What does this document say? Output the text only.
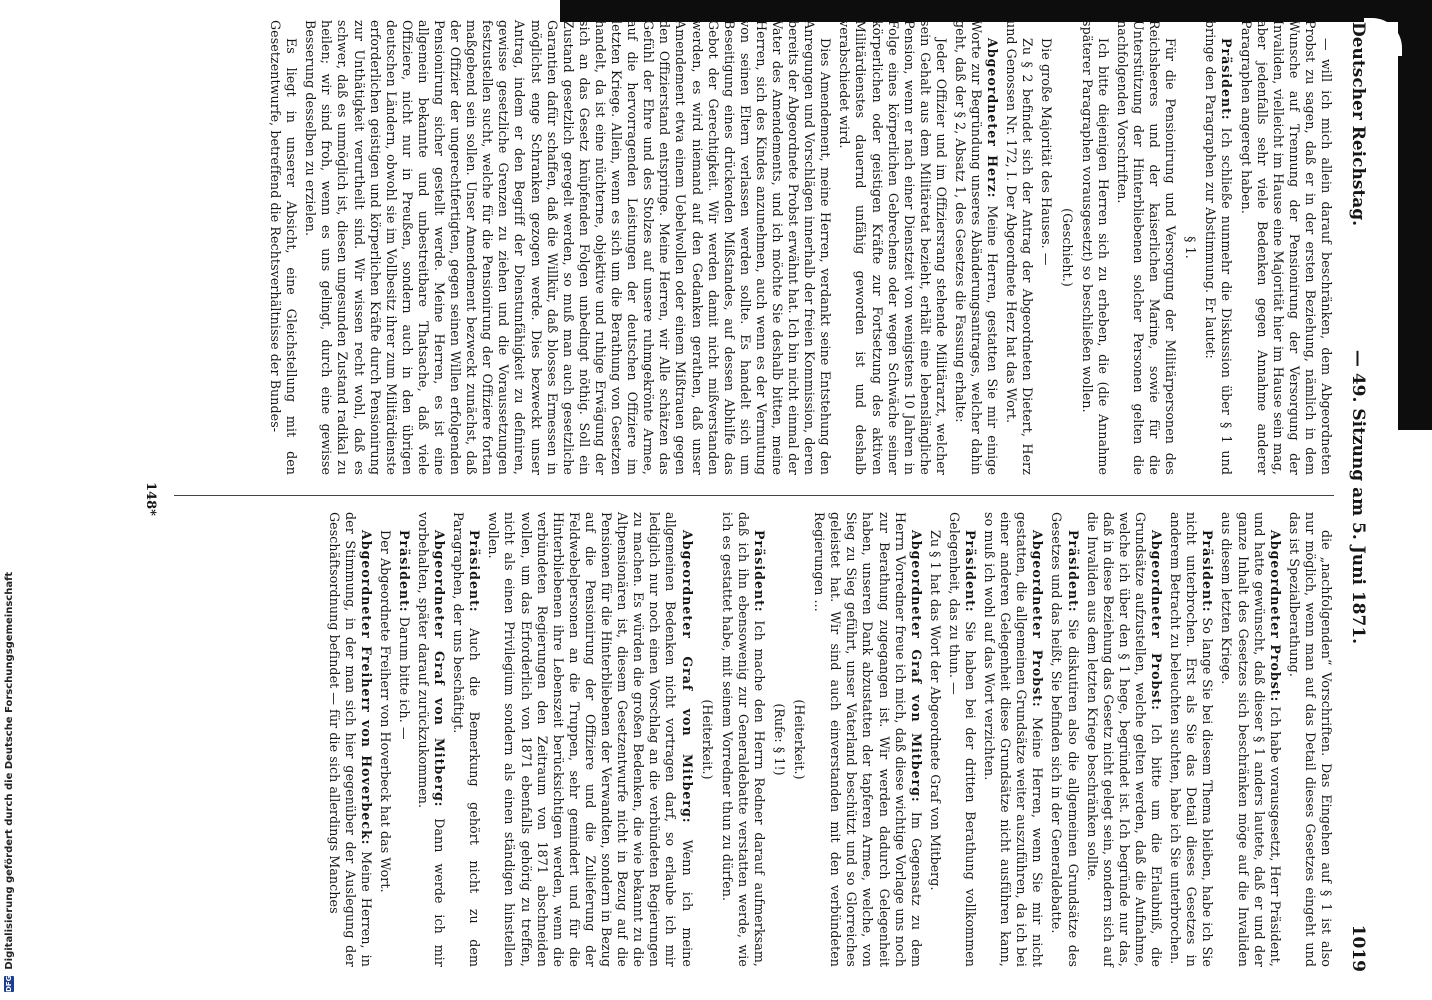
Deutscher Reichstag.
— 49. Sitzung am 5. Juni 1871.
1019

— will ich mich allein darauf beschränken, dem Abgeordneten Probst zu sagen, daß er in der ersten Beziehung, nämlich in dem Wunsche auf Trennung der Pensionirung der Versorgung der Invaliden, vielleicht im Hause eine Majorität hier im Hause sein mag, aber jedenfalls sehr viele Bedenken gegen Annahme anderer Paragraphen angeregt haben.

Präsident: Ich schließe nunmehr die Diskussion über § 1 und bringe den Paragraphen zur Abstimmung. Er lautet:

§ 1.

Für die Pensionirung und Versorgung der Militärpersonen des Reichsheeres und der kaiserlichen Marine, sowie für die Unterstützung der Hinterbliebenen solcher Personen gelten die nachfolgenden Vorschriften.

Ich bitte diejenigen Herren sich zu erheben, die (die Annahme späterer Paragraphen vorausgesetzt) so beschließen wollen.

(Geschieht.)

Die große Majorität des Hauses. —

Zu § 2 befindet sich der Antrag der Abgeordneten Dietert, Herz und Genossen Nr. 172, I. Der Abgeordnete Herz hat das Wort.

Abgeordneter Herz: Meine Herren, gestatten Sie mir einige Worte zur Begründung unseres Abänderungsantrages, welcher dahin geht, daß der § 2, Absatz 1, des Gesetzes die Fassung erhalte:

Jeder Offizier und im Offiziersrang stehende Militärarzt, welcher sein Gehalt aus dem Militäretat bezieht, erhält eine lebenslängliche Pension, wenn er nach einer Dienstzeit von wenigstens 10 Jahren in Folge eines körperlichen Gebrechens oder wegen Schwäche seiner körperlichen oder geistigen Kräfte zur Fortsetzung des aktiven Militärdienstes dauernd unfähig geworden ist und deshalb verabschiedet wird.

Dies Amendement, meine Herren, verdankt seine Entstehung den Anregungen und Vorschlägen innerhalb der freien Kommission, deren bereits der Abgeordnete Probst erwähnt hat. Ich bin nicht einmal der Vater des Amendements, und ich möchte Sie deshalb bitten, meine Herren, sich des Kindes anzunehmen, auch wenn es der Vermutung von seinen Eltern verlassen werden sollte. Es handelt sich um Beseitigung eines drückenden Mißstandes, auf dessen Abhilfe das Gebot der Gerechtigkeit. Wir werden damit nicht mißverstanden werden, es wird niemand auf den Gedanken gerathen, daß unser Amendement etwa einem Uebelwollen oder einem Mißtrauen gegen den Offizierstand entspringe. Meine Herren, wir Alle schätzen das Gefühl der Ehre und des Stolzes auf unsere ruhmgekrönte Armee, auf die hervorragenden Leistungen der deutschen Offiziere im letzten Kriege. Allein, wenn es sich um die Berathung von Gesetzen handelt, da ist eine nüchterne, objektive und ruhige Erwägung der sich an das Gesetz knüpfenden Folgen unbedingt nöthig. Soll ein Zustand gesetzlich geregelt werden, so muß man auch gesetzliche Garantien dafür schaffen, daß die Willkür, daß blosses Ermessen in möglichst enge Schranken gezogen werde. Dies bezweckt unser Antrag, indem er den Begriff der Dienstunfähigkeit zu definiren, gewisse gesetzliche Grenzen zu ziehen und die Voraussetzungen festzustellen sucht, welche für die Pensionirung der Offiziere fortan maßgebend sein sollen. Unser Amendement bezweckt zunächst, daß der Offizier der ungerechtfertigten, gegen seinen Willen erfolgenden Pensionirung sicher gestellt werde. Meine Herren, es ist eine allgemein bekannte und unbestreitbare Thatsache, daß viele Offiziere, nicht nur in Preußen, sondern auch in den übrigen deutschen Ländern, obwohl sie im Vollbesitz ihrer zum Militärdienste erforderlichen geistigen und körperlichen Kräfte durch Pensionirung zur Unthätigkeit verurtheilt sind. Wir wissen recht wohl, daß es schwer, daß es unmöglich ist, diesen ungesunden Zustand radikal zu heilen; wir sind froh, wenn es uns gelingt, durch eine gewisse Besserung desselben zu erzielen.

Es liegt in unserer Absicht, eine Gleichstellung mit den Gesetzentwurfe, betreffend die Rechtsverhältnisse der Bundes-

die „nachfolgenden“ Vorschriften. Das Eingehen auf § 1 ist also nur möglich, wenn man auf das Detail dieses Gesetzes eingeht und das ist Spezialberathung.

Abgeordneter Probst: Ich habe vorausgesetzt, Herr Präsident, und hatte gewünscht, daß dieser § 1 anders lautete, daß er und der ganze Inhalt des Gesetzes sich beschränken möge auf die Invaliden aus diesem letzten Kriege.

Präsident: So lange Sie bei diesem Thema bleiben, habe ich Sie nicht unterbrochen. Erst als Sie das Detail dieses Gesetzes in anderem Betracht zu beleuchten suchten, habe ich Sie unterbrochen.

Abgeordneter Probst: Ich bitte um die Erlaubniß, die Grundsätze aufzustellen, welche gelten werden, daß die Aufnahme, welche ich über den § 1 hege, begründet ist. Ich begründe nur das, daß in diese Beziehung das Gesetz nicht gelegt sein, sondern sich auf die Invaliden aus dem letzten Kriege beschränken sollte.

Präsident: Sie diskutiren also die allgemeinen Grundsätze des Gesetzes und das heißt, Sie befinden sich in der Generaldebatte.

Abgeordneter Probst: Meine Herren, wenn Sie mir nicht gestatten, die allgemeinen Grundsätze weiter auszuführen, da ich bei einer anderen Gelegenheit diese Grundsätze nicht ausführen kann, so muß ich wohl auf das Wort verzichten.

Präsident: Sie haben bei der dritten Berathung vollkommen Gelegenheit, das zu thun. —

Zu § 1 hat das Wort der Abgeordnete Graf von Mitberg.

Abgeordneter Graf von Mitberg: Im Gegensatz zu dem Herrn Vorredner freue ich mich, daß diese wichtige Vorlage uns noch zur Berathung zugegangen ist. Wir werden dadurch Gelegenheit haben, unseren Dank abzustatten der tapferen Armee, welche, von Sieg zu Sieg geführt, unser Vaterland beschützt und so Glorreiches geleistet hat. Wir sind auch einverstanden mit den verbündeten Regierungen ...

(Heiterkeit.)

(Rufe: § 1!)

Präsident: Ich mache den Herrn Redner darauf aufmerksam, daß ich ihn ebensowenig zur Generaldebatte verstatten werde, wie ich es gestattet habe, mit seinem Vorredner thun zu dürfen.

(Heiterkeit.)

Abgeordneter Graf von Mitberg: Wenn ich meine allgemeinen Bedenken nicht vortragen darf, so erlaube ich mir lediglich nur noch einen Vorschlag an die verbündeten Regierungen zu machen. Es würden die großen Bedenken, die wie bekannt zu die Altpensionären ist, diesem Gesetzentwurfe nicht in Bezug auf die Pensionen für die Hinterbliebenen der Verwandten, sondern in Bezug auf die Pensionirung der Offiziere und die Zulieferung der Feldwebelpersonen an die Truppen, sehr gemindert und für die Hinterbliebenen ihre Lebenszeit berücksichtigen werden, wenn die verbündeten Regierungen den Zeitraum von 1871 abschneiden wollen, um das Erforderlich von 1871 ebenfalls gehörig zu treffen, nicht als einen Privilegium sondern als einen ständigen hinstellen wollen.

Präsident: Auch die Bemerkung gehört nicht zu dem Paragraphen, der uns beschäftigt.

Abgeordneter Graf von Mitberg: Dann werde ich mir vorbehalten, später darauf zurückzukommen.

Präsident: Darum bitte ich. —

Der Abgeordnete Freiherr von Hoverbeck hat das Wort.

Abgeordneter Freiherr von Hoverbeck: Meine Herren, in der Stimmung, in der man sich hier gegenüber der Auslegung der Geschäftsordnung befindet — für die sich allerdings Manches

148*
DFG
Digitalisierung gefördert durch die Deutsche Forschungsgemeinschaft
